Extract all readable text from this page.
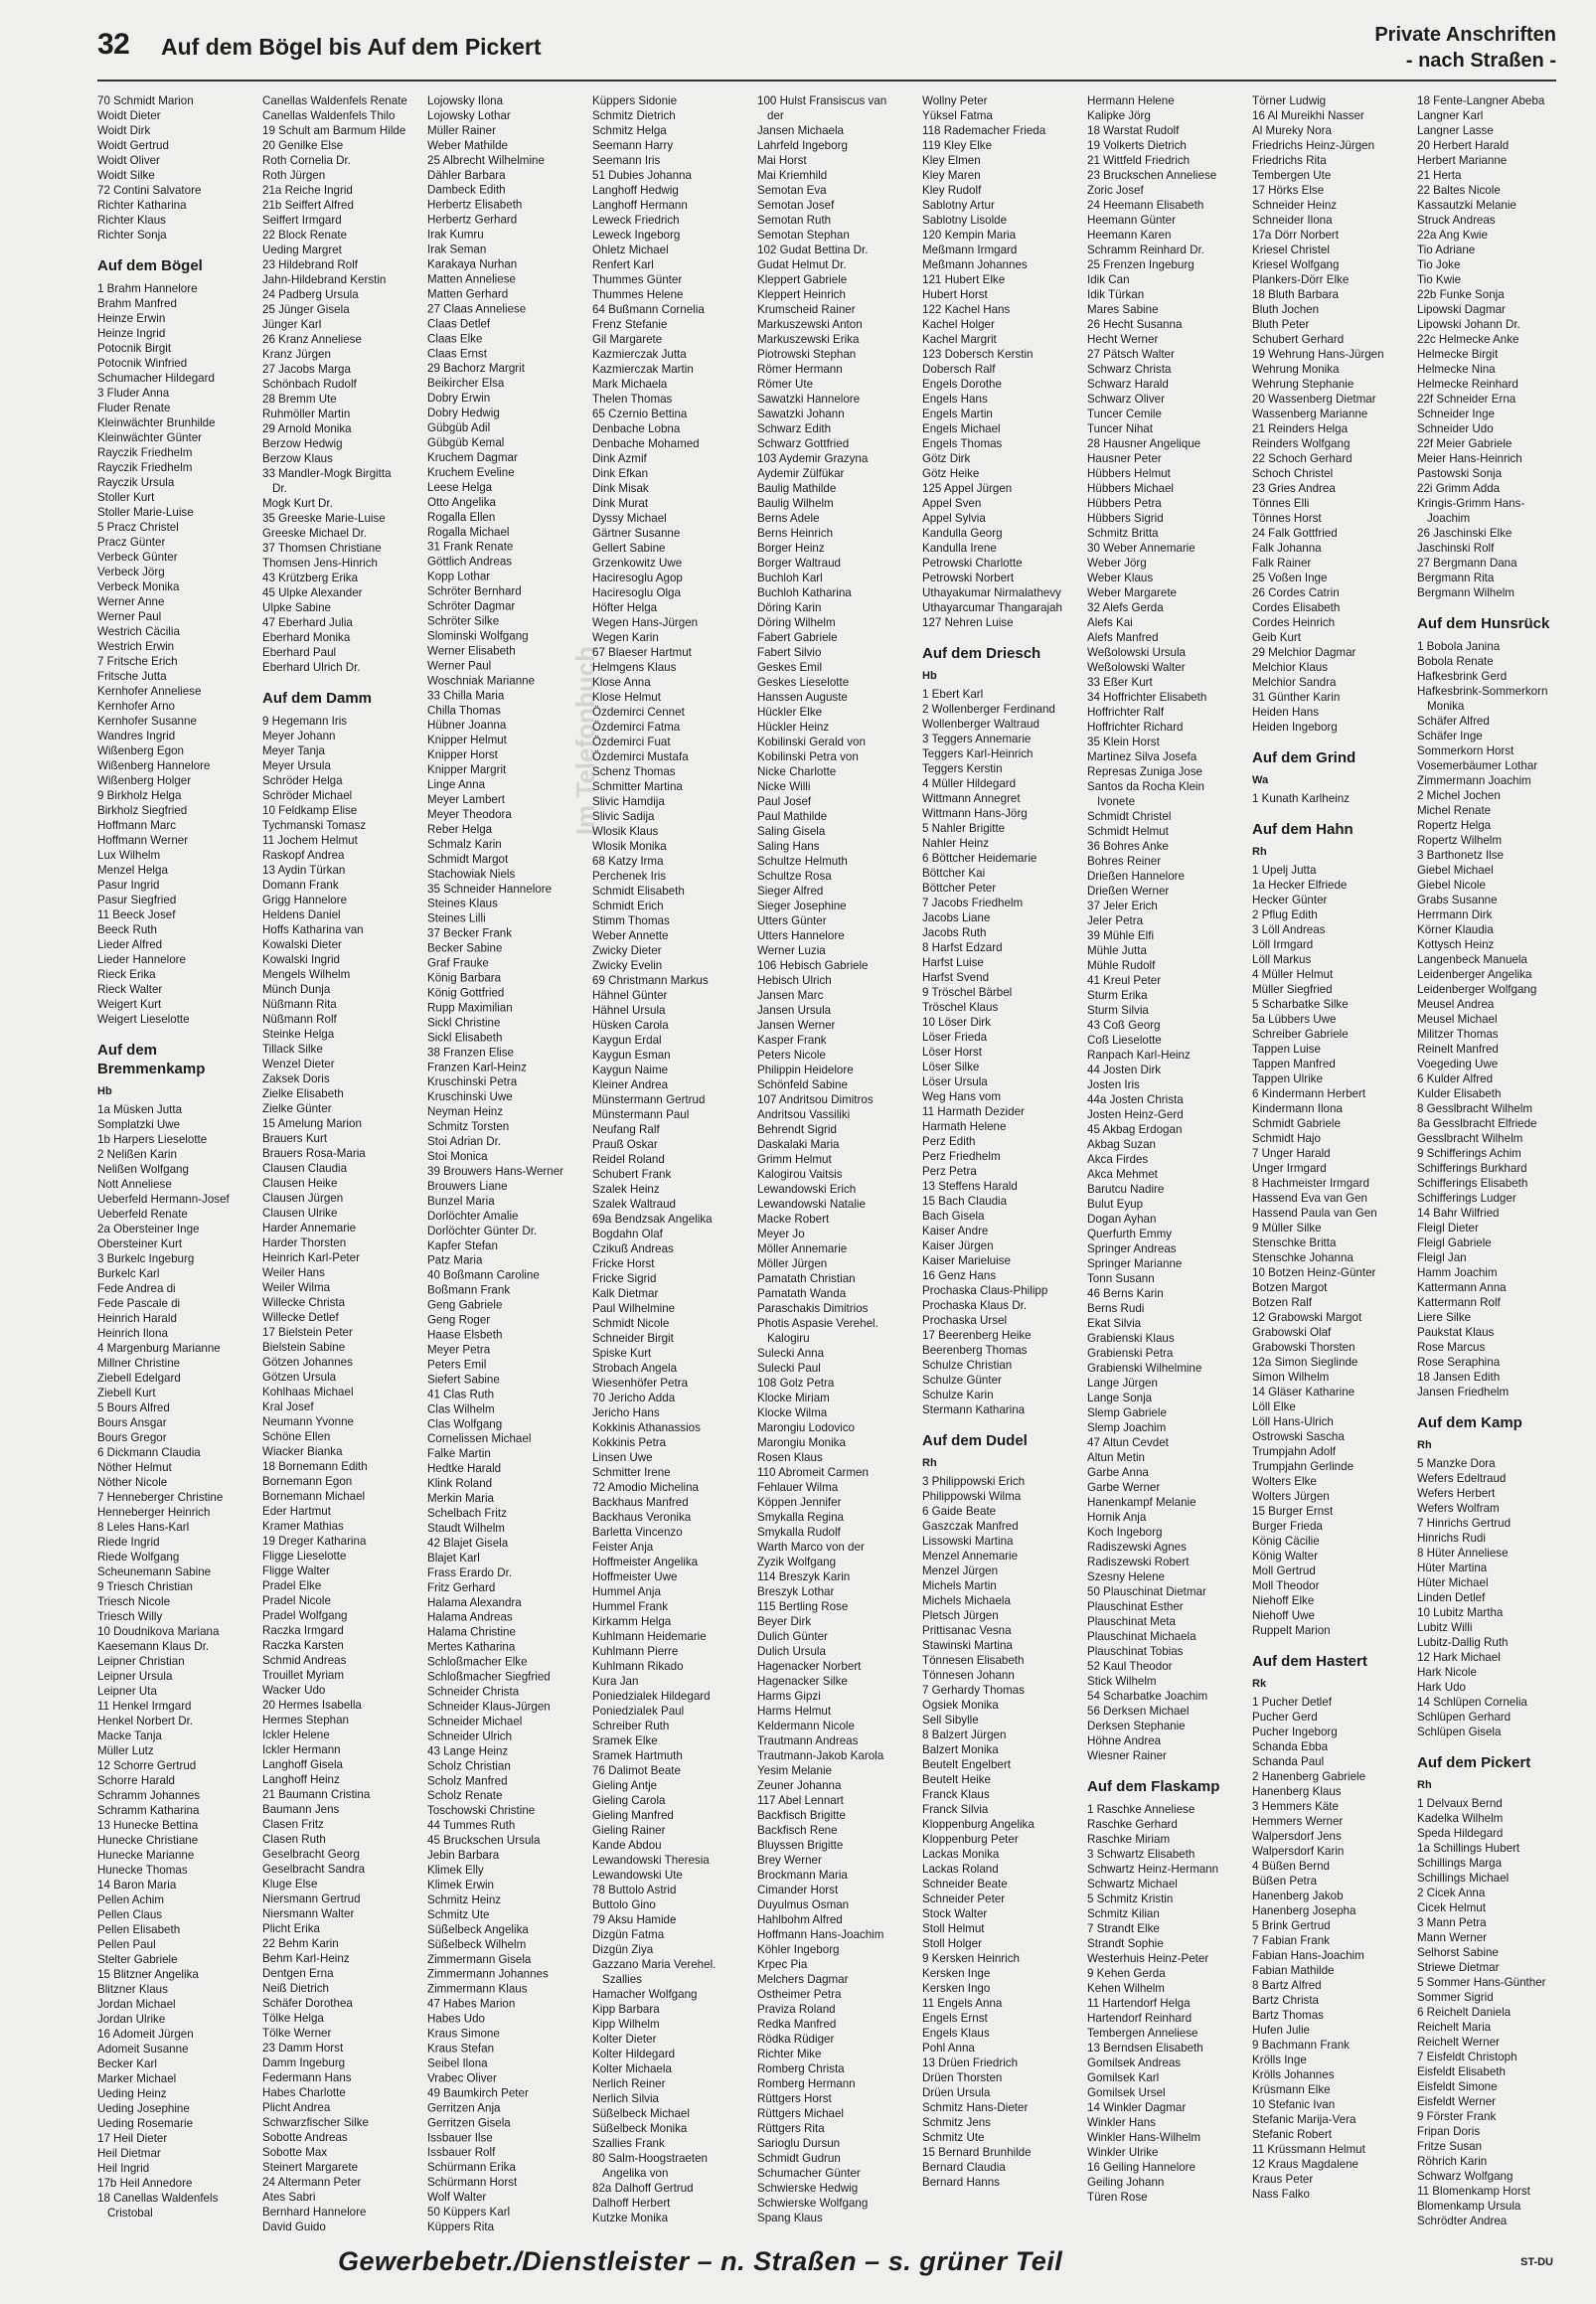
32 Auf dem Bögel bis Auf dem Pickert	Private Anschriften
- nach Straßen -
Im Telefonbuch
70 Schmidt Marion
Woidt Dieter
Woidt Dirk
Woidt Gertrud
Woidt Oliver
Woidt Silke
72 Contini Salvatore
Richter Katharina
Richter Klaus
Richter Sonja
Auf dem Bögel
1 Brahm Hannelore
Brahm Manfred
Heinze Erwin
Heinze Ingrid
Potocnik Birgit
Potocnik Winfried
Schumacher Hildegard
3 Fluder Anna
Fluder Renate
Kleinwächter Brunhilde
Kleinwächter Günter
Rayczik Friedhelm
Rayczik Friedhelm
Rayczik Ursula
Stoller Kurt
Stoller Marie-Luise
5 Pracz Christel
Pracz Günter
Verbeck Günter
Verbeck Jörg
Verbeck Monika
Werner Anne
Werner Paul
Westrich Cäcilia
Westrich Erwin
7 Fritsche Erich
Fritsche Jutta
Kernhofer Anneliese
Kernhofer Arno
Kernhofer Susanne
Wandres Ingrid
Wißenberg Egon
Wißenberg Hannelore
Wißenberg Holger
9 Birkholz Helga
Birkholz Siegfried
Hoffmann Marc
Hoffmann Werner
Lux Wilhelm
Menzel Helga
Pasur Ingrid
Pasur Siegfried
11 Beeck Josef
Beeck Ruth
Lieder Alfred
Lieder Hannelore
Rieck Erika
Rieck Walter
Weigert Kurt
Weigert Lieselotte
Auf dem Bremmenkamp
Hb
1a Müsken Jutta
Somplatzki Uwe
1b Harpers Lieselotte
2 Nelißen Karin
Nelißen Wolfgang
Nott Anneliese
Ueberfeld Hermann-Josef
Ueberfeld Renate
2a Obersteiner Inge
Obersteiner Kurt
3 Burkelc Ingeburg
Burkelc Karl
Fede Andrea di
Fede Pascale di
Heinrich Harald
Heinrich Ilona
4 Margenburg Marianne
Millner Christine
Ziebell Edelgard
Ziebell Kurt
5 Bours Alfred
Bours Ansgar
Bours Gregor
6 Dickmann Claudia
Nöther Helmut
Nöther Nicole
7 Henneberger Christine
Henneberger Heinrich
8 Leles Hans-Karl
Riede Ingrid
Riede Wolfgang
Scheunemann Sabine
9 Triesch Christian
Triesch Nicole
Triesch Willy
10 Doudnikova Mariana
Kaesemann Klaus Dr.
Leipner Christian
Leipner Ursula
Leipner Uta
11 Henkel Irmgard
Henkel Norbert Dr.
Macke Tanja
Müller Lutz
12 Schorre Gertrud
Schorre Harald
Schramm Johannes
Schramm Katharina
13 Hunecke Bettina
Hunecke Christiane
Hunecke Marianne
Hunecke Thomas
14 Baron Maria
Pellen Achim
Pellen Claus
Pellen Elisabeth
Pellen Paul
Stelter Gabriele
15 Blitzner Angelika
Blitzner Klaus
Jordan Michael
Jordan Ulrike
16 Adomeit Jürgen
Adomeit Susanne
Becker Karl
Marker Michael
Ueding Heinz
Ueding Josephine
Ueding Rosemarie
17 Heil Dieter
Heil Dietmar
Heil Ingrid
17b Heil Annedore
18 Canellas Waldenfels
Cristobal
Canellas Waldenfels Renate
Canellas Waldenfels Thilo
19 Schult am Barmum Hilde
20 Genilke Else
Roth Cornelia Dr.
Roth Jürgen
21a Reiche Ingrid
21b Seiffert Alfred
Seiffert Irmgard
22 Block Renate
Ueding Margret
23 Hildebrand Rolf
Jahn-Hildebrand Kerstin
24 Padberg Ursula
25 Jünger Gisela
Jünger Karl
26 Kranz Anneliese
Kranz Jürgen
27 Jacobs Marga
Schönbach Rudolf
28 Bremm Ute
Ruhmöller Martin
29 Arnold Monika
Berzow Hedwig
Berzow Klaus
33 Mandler-Mogk Birgitta
Dr.
Mogk Kurt Dr.
35 Greeske Marie-Luise
Greeske Michael Dr.
37 Thomsen Christiane
Thomsen Jens-Hinrich
43 Krützberg Erika
45 Ulpke Alexander
Ulpke Sabine
47 Eberhard Julia
Eberhard Monika
Eberhard Paul
Eberhard Ulrich Dr.
Auf dem Damm
9 Hegemann Iris
Meyer Johann
Meyer Tanja
Meyer Ursula
Schröder Helga
Schröder Michael
10 Feldkamp Elise
Tychmanski Tomasz
11 Jochem Helmut
Raskopf Andrea
13 Aydin Türkan
Domann Frank
Grigg Hannelore
Heldens Daniel
Hoffs Katharina van
Kowalski Dieter
Kowalski Ingrid
Mengels Wilhelm
Münch Dunja
Nüßmann Rita
Nüßmann Rolf
Steinke Helga
Tillack Silke
Wenzel Dieter
Zaksek Doris
Zielke Elisabeth
Zielke Günter
15 Amelung Marion
Brauers Kurt
Brauers Rosa-Maria
Clausen Claudia
Clausen Heike
Clausen Jürgen
Clausen Ulrike
Harder Annemarie
Harder Thorsten
Heinrich Karl-Peter
Weiler Hans
Weiler Wilma
Willecke Christa
Willecke Detlef
17 Bielstein Peter
Bielstein Sabine
Götzen Johannes
Götzen Ursula
Kohlhaas Michael
Kral Josef
Neumann Yvonne
Schöne Ellen
Wiacker Bianka
18 Bornemann Edith
Bornemann Egon
Bornemann Michael
Eder Hartmut
Kramer Mathias
19 Dreger Katharina
Fligge Lieselotte
Fligge Walter
Pradel Elke
Pradel Nicole
Pradel Wolfgang
Raczka Irmgard
Raczka Karsten
Schmid Andreas
Trouillet Myriam
Wacker Udo
20 Hermes Isabella
Hermes Stephan
Ickler Helene
Ickler Hermann
Langhoff Gisela
Langhoff Heinz
21 Baumann Cristina
Baumann Jens
Clasen Fritz
Clasen Ruth
Geselbracht Georg
Geselbracht Sandra
Kluge Else
Niersmann Gertrud
Niersmann Walter
Plicht Erika
22 Behm Karin
Behm Karl-Heinz
Dentgen Erna
Neiß Dietrich
Schäfer Dorothea
Tölke Helga
Tölke Werner
23 Damm Horst
Damm Ingeburg
Federmann Hans
Habes Charlotte
Plicht Andrea
Schwarzfischer Silke
Sobotte Andreas
Sobotte Max
Steinert Margarete
24 Altermann Peter
Ates Sabri
Bernhard Hannelore
David Guido
Lojowsky Ilona
Lojowsky Lothar
Müller Rainer
Weber Mathilde
25 Albrecht Wilhelmine
Dähler Barbara
Dambeck Edith
Herbertz Elisabeth
Herbertz Gerhard
Irak Kumru
Irak Seman
Karakaya Nurhan
Matten Anneliese
Matten Gerhard
27 Claas Anneliese
Claas Detlef
Claas Elke
Claas Ernst
29 Bachorz Margrit
Beikircher Elsa
Dobry Erwin
Dobry Hedwig
Gübgüb Adil
Gübgüb Kemal
Kruchem Dagmar
Kruchem Eveline
Leese Helga
Otto Angelika
Rogalla Ellen
Rogalla Michael
31 Frank Renate
Göttlich Andreas
Kopp Lothar
Schröter Bernhard
Schröter Dagmar
Schröter Silke
Slominski Wolfgang
Werner Elisabeth
Werner Paul
Woschniak Marianne
33 Chilla Maria
Chilla Thomas
Hübner Joanna
Knipper Helmut
Knipper Horst
Knipper Margrit
Linge Anna
Meyer Lambert
Meyer Theodora
Reber Helga
Schmalz Karin
Schmidt Margot
Stachowiak Niels
35 Schneider Hannelore
Steines Klaus
Steines Lilli
37 Becker Frank
Becker Sabine
Graf Frauke
König Barbara
König Gottfried
Rupp Maximilian
Sickl Christine
Sickl Elisabeth
38 Franzen Elise
Franzen Karl-Heinz
Kruschinski Petra
Kruschinski Uwe
Neyman Heinz
Schmitz Torsten
Stoi Adrian Dr.
Stoi Monica
39 Brouwers Hans-Werner
Brouwers Liane
Bunzel Maria
Dorlöchter Amalie
Dorlöchter Günter Dr.
Kapfer Stefan
Patz Maria
40 Boßmann Caroline
Boßmann Frank
Geng Gabriele
Geng Roger
Haase Elsbeth
Meyer Petra
Peters Emil
Siefert Sabine
41 Clas Ruth
Clas Wilhelm
Clas Wolfgang
Cornelissen Michael
Falke Martin
Hedtke Harald
Klink Roland
Merkin Maria
Schelbach Fritz
Staudt Wilhelm
42 Blajet Gisela
Blajet Karl
Frass Erardo Dr.
Fritz Gerhard
Halama Alexandra
Halama Andreas
Halama Christine
Mertes Katharina
Schloßmacher Elke
Schloßmacher Siegfried
Schneider Christa
Schneider Klaus-Jürgen
Schneider Michael
Schneider Ulrich
43 Lange Heinz
Scholz Christian
Scholz Manfred
Scholz Renate
Toschowski Christine
44 Tummes Ruth
45 Bruckschen Ursula
Jebin Barbara
Klimek Elly
Klimek Erwin
Schmitz Heinz
Schmitz Ute
Süßelbeck Angelika
Süßelbeck Wilhelm
Zimmermann Gisela
Zimmermann Johannes
Zimmermann Klaus
47 Habes Marion
Habes Udo
Kraus Simone
Kraus Stefan
Seibel Ilona
Vrabec Oliver
49 Baumkirch Peter
Gerritzen Anja
Gerritzen Gisela
Issbauer Ilse
Issbauer Rolf
Schürmann Erika
Schürmann Horst
Wolf Walter
50 Küppers Karl
Küppers Rita
Küppers Sidonie
Schmitz Dietrich
Schmitz Helga
Seemann Harry
Seemann Iris
51 Dubies Johanna
Langhoff Hedwig
Langhoff Hermann
Leweck Friedrich
Leweck Ingeborg
Ohletz Michael
Renfert Karl
Thummes Günter
Thummes Helene
64 Bußmann Cornelia
Frenz Stefanie
Gil Margarete
Kazmierczak Jutta
Kazmierczak Martin
Mark Michaela
Thelen Thomas
65 Czernio Bettina
Denbache Lobna
Denbache Mohamed
Dink Azmif
Dink Efkan
Dink Misak
Dink Murat
Dyssy Michael
Gärtner Susanne
Gellert Sabine
Grzenkowitz Uwe
Haciresoglu Agop
Haciresoglu Olga
Höfter Helga
Wegen Hans-Jürgen
Wegen Karin
67 Blaeser Hartmut
Helmgens Klaus
Klose Anna
Klose Helmut
Özdemirci Cennet
Özdemirci Fatma
Özdemirci Fuat
Özdemirci Mustafa
Schenz Thomas
Schmitter Martina
Slivic Hamdija
Slivic Sadija
Wlosik Klaus
Wlosik Monika
68 Katzy Irma
Perchenek Iris
Schmidt Elisabeth
Schmidt Erich
Stimm Thomas
Weber Annette
Zwicky Dieter
Zwicky Evelin
69 Christmann Markus
Hähnel Günter
Hähnel Ursula
Hüsken Carola
Kaygun Erdal
Kaygun Esman
Kaygun Naime
Kleiner Andrea
Münstermann Gertrud
Münstermann Paul
Neufang Ralf
Prauß Oskar
Reidel Roland
Schubert Frank
Szalek Heinz
Szalek Waltraud
69a Bendzsak Angelika
Bogdahn Olaf
Czikuß Andreas
Fricke Horst
Fricke Sigrid
Kalk Dietmar
Paul Wilhelmine
Schmidt Nicole
Schneider Birgit
Spiske Kurt
Strobach Angela
Wiesenhöfer Petra
70 Jericho Adda
Jericho Hans
Kokkinis Athanassios
Kokkinis Petra
Linsen Uwe
Schmitter Irene
72 Amodio Michelina
Backhaus Manfred
Backhaus Veronika
Barletta Vincenzo
Feister Anja
Hoffmeister Angelika
Hoffmeister Uwe
Hummel Anja
Hummel Frank
Kirkamm Helga
Kuhlmann Heidemarie
Kuhlmann Pierre
Kuhlmann Rikado
Kura Jan
Poniedzialek Hildegard
Poniedzialek Paul
Schreiber Ruth
Sramek Elke
Sramek Hartmuth
76 Dalimot Beate
Gieling Antje
Gieling Carola
Gieling Manfred
Gieling Rainer
Kande Abdou
Lewandowski Theresia
Lewandowski Ute
78 Buttolo Astrid
Buttolo Gino
79 Aksu Hamide
Dizgün Fatma
Dizgün Ziya
Gazzano Maria Verehel.
Szallies
Hamacher Wolfgang
Kipp Barbara
Kipp Wilhelm
Kolter Dieter
Kolter Hildegard
Kolter Michaela
Nerlich Reiner
Nerlich Silvia
Süßelbeck Michael
Süßelbeck Monika
Szallies Frank
80 Salm-Hoogstraeten
Angelika von
82a Dalhoff Gertrud
Dalhoff Herbert
Kutzke Monika
100 Hulst Fransiscus van
der
Jansen Michaela
Lahrfeld Ingeborg
Mai Horst
Mai Kriemhild
Semotan Eva
Semotan Josef
Semotan Ruth
Semotan Stephan
102 Gudat Bettina Dr.
Gudat Helmut Dr.
Kleppert Gabriele
Kleppert Heinrich
Krumscheid Rainer
Markuszewski Anton
Markuszewski Erika
Piotrowski Stephan
Römer Hermann
Römer Ute
Sawatzki Hannelore
Sawatzki Johann
Schwarz Edith
Schwarz Gottfried
103 Aydemir Grazyna
Aydemir Zülfükar
Baulig Mathilde
Baulig Wilhelm
Berns Adele
Berns Heinrich
Borger Heinz
Borger Waltraud
Buchloh Karl
Buchloh Katharina
Döring Karin
Döring Wilhelm
Fabert Gabriele
Fabert Silvio
Geskes Emil
Geskes Lieselotte
Hanssen Auguste
Hückler Elke
Hückler Heinz
Kobilinski Gerald von
Kobilinski Petra von
Nicke Charlotte
Nicke Willi
Paul Josef
Paul Mathilde
Saling Gisela
Saling Hans
Schultze Helmuth
Schultze Rosa
Sieger Alfred
Sieger Josephine
Utters Günter
Utters Hannelore
Werner Luzia
106 Hebisch Gabriele
Hebisch Ulrich
Jansen Marc
Jansen Ursula
Jansen Werner
Kasper Frank
Peters Nicole
Philippin Heidelore
Schönfeld Sabine
107 Andritsou Dimitros
Andritsou Vassiliki
Behrendt Sigrid
Daskalaki Maria
Grimm Helmut
Kalogirou Vaitsis
Lewandowski Erich
Lewandowski Natalie
Macke Robert
Meyer Jo
Möller Annemarie
Möller Jürgen
Pamatath Christian
Pamatath Wanda
Paraschakis Dimitrios
Photis Aspasie Verehel.
Kalogiru
Sulecki Anna
Sulecki Paul
108 Golz Petra
Klocke Miriam
Klocke Wilma
Marongiu Lodovico
Marongiu Monika
Rosen Klaus
110 Abromeit Carmen
Fehlauer Wilma
Köppen Jennifer
Smykalla Regina
Smykalla Rudolf
Warth Marco von der
Zyzik Wolfgang
114 Breszyk Karin
Breszyk Lothar
115 Bertling Rose
Beyer Dirk
Dulich Günter
Dulich Ursula
Hagenacker Norbert
Hagenacker Silke
Harms Gipzi
Harms Helmut
Keldermann Nicole
Trautmann Andreas
Trautmann-Jakob Karola
Yesim Melanie
Zeuner Johanna
117 Abel Lennart
Backfisch Brigitte
Backfisch Rene
Bluyssen Brigitte
Brey Werner
Brockmann Maria
Cimander Horst
Duyulmus Osman
Hahlbohm Alfred
Hoffmann Hans-Joachim
Köhler Ingeborg
Krpec Pia
Melchers Dagmar
Ostheimer Petra
Praviza Roland
Redka Manfred
Rödka Rüdiger
Richter Mike
Romberg Christa
Romberg Hermann
Rüttgers Horst
Rüttgers Michael
Rüttgers Rita
Sarioglu Dursun
Schmidt Gudrun
Schumacher Günter
Schwierske Hedwig
Schwierske Wolfgang
Spang Klaus
Wollny Peter
Yüksel Fatma
118 Rademacher Frieda
119 Kley Elke
Kley Elmen
Kley Maren
Kley Rudolf
Sablotny Artur
Sablotny Lisolde
120 Kempin Maria
Meßmann Irmgard
Meßmann Johannes
121 Hubert Elke
Hubert Horst
122 Kachel Hans
Kachel Holger
Kachel Margrit
123 Dobersch Kerstin
Dobersch Ralf
Engels Dorothe
Engels Hans
Engels Martin
Engels Michael
Engels Thomas
Götz Dirk
Götz Heike
125 Appel Jürgen
Appel Sven
Appel Sylvia
Kandulla Georg
Kandulla Irene
Petrowski Charlotte
Petrowski Norbert
Uthayakumar Nirmalathevy
Uthayarcumar Thangarajah
127 Nehren Luise
Auf dem Driesch
Hb
1 Ebert Karl
2 Wollenberger Ferdinand
Wollenberger Waltraud
3 Teggers Annemarie
Teggers Karl-Heinrich
Teggers Kerstin
4 Müller Hildegard
Wittmann Annegret
Wittmann Hans-Jörg
5 Nahler Brigitte
Nahler Heinz
6 Böttcher Heidemarie
Böttcher Kai
Böttcher Peter
7 Jacobs Friedhelm
Jacobs Liane
Jacobs Ruth
8 Harfst Edzard
Harfst Luise
Harfst Svend
9 Tröschel Bärbel
Tröschel Klaus
10 Löser Dirk
Löser Frieda
Löser Horst
Löser Silke
Löser Ursula
Weg Hans vom
11 Harmath Dezider
Harmath Helene
Perz Edith
Perz Friedhelm
Perz Petra
13 Steffens Harald
15 Bach Claudia
Bach Gisela
Kaiser Andre
Kaiser Jürgen
Kaiser Marieluise
16 Genz Hans
Prochaska Claus-Philipp
Prochaska Klaus Dr.
Prochaska Ursel
17 Beerenberg Heike
Beerenberg Thomas
Schulze Christian
Schulze Günter
Schulze Karin
Stermann Katharina
Auf dem Dudel
Rh
3 Philippowski Erich
Philippowski Wilma
6 Gaide Beate
Gaszczak Manfred
Lissowski Martina
Menzel Annemarie
Menzel Jürgen
Michels Martin
Michels Michaela
Pletsch Jürgen
Prittisanac Vesna
Stawinski Martina
Tönnesen Elisabeth
Tönnesen Johann
7 Gerhardy Thomas
Ogsiek Monika
Sell Sibylle
8 Balzert Jürgen
Balzert Monika
Beutelt Engelbert
Beutelt Heike
Franck Klaus
Franck Silvia
Kloppenburg Angelika
Kloppenburg Peter
Lackas Monika
Lackas Roland
Schneider Beate
Schneider Peter
Stock Walter
Stoll Helmut
Stoll Holger
9 Kersken Heinrich
Kersken Inge
Kersken Ingo
11 Engels Anna
Engels Ernst
Engels Klaus
Pohl Anna
13 Drüen Friedrich
Drüen Thorsten
Drüen Ursula
Schmitz Hans-Dieter
Schmitz Jens
Schmitz Ute
15 Bernard Brunhilde
Bernard Claudia
Bernard Hanns
Hermann Helene
Kalipke Jörg
18 Warstat Rudolf
19 Volkerts Dietrich
21 Wittfeld Friedrich
23 Bruckschen Anneliese
Zoric Josef
24 Heemann Elisabeth
Heemann Günter
Heemann Karen
Schramm Reinhard Dr.
25 Frenzen Ingeburg
Idik Can
Idik Türkan
Mares Sabine
26 Hecht Susanna
Hecht Werner
27 Pätsch Walter
Schwarz Christa
Schwarz Harald
Schwarz Oliver
Tuncer Cemile
Tuncer Nihat
28 Hausner Angelique
Hausner Peter
Hübbers Helmut
Hübbers Michael
Hübbers Petra
Hübbers Sigrid
Schmitz Britta
30 Weber Annemarie
Weber Jörg
Weber Klaus
Weber Margarete
32 Alefs Gerda
Alefs Kai
Alefs Manfred
Weßolowski Ursula
Weßolowski Walter
33 Eßer Kurt
34 Hoffrichter Elisabeth
Hoffrichter Ralf
Hoffrichter Richard
35 Klein Horst
Martinez Silva Josefa
Represas Zuniga Jose
Santos da Rocha Klein
Ivonete
Schmidt Christel
Schmidt Helmut
36 Bohres Anke
Bohres Reiner
Drießen Hannelore
Drießen Werner
37 Jeler Erich
Jeler Petra
39 Mühle Elfi
Mühle Jutta
Mühle Rudolf
41 Kreul Peter
Sturm Erika
Sturm Silvia
43 Coß Georg
Coß Lieselotte
Ranpach Karl-Heinz
44 Josten Dirk
Josten Iris
44a Josten Christa
Josten Heinz-Gerd
45 Akbag Erdogan
Akbag Suzan
Akca Firdes
Akca Mehmet
Barutcu Nadire
Bulut Eyup
Dogan Ayhan
Querfurth Emmy
Springer Andreas
Springer Marianne
Tonn Susann
46 Berns Karin
Berns Rudi
Ekat Silvia
Grabienski Klaus
Grabienski Petra
Grabienski Wilhelmine
Lange Jürgen
Lange Sonja
Slemp Gabriele
Slemp Joachim
47 Altun Cevdet
Altun Metin
Garbe Anna
Garbe Werner
Hanenkampf Melanie
Hornik Anja
Koch Ingeborg
Radiszewski Agnes
Radiszewski Robert
Szesny Helene
50 Plauschinat Dietmar
Plauschinat Esther
Plauschinat Meta
Plauschinat Michaela
Plauschinat Tobias
52 Kaul Theodor
Stick Wilhelm
54 Scharbatke Joachim
56 Derksen Michael
Derksen Stephanie
Höhne Andrea
Wiesner Rainer
Auf dem Flaskamp
1 Raschke Anneliese
Raschke Gerhard
Raschke Miriam
3 Schwartz Elisabeth
Schwartz Heinz-Hermann
Schwartz Michael
5 Schmitz Kristin
Schmitz Kilian
7 Strandt Elke
Strandt Sophie
Westerhuis Heinz-Peter
9 Kehen Gerda
Kehen Wilhelm
11 Hartendorf Helga
Hartendorf Reinhard
Tembergen Anneliese
13 Berndsen Elisabeth
Gomilsek Andreas
Gomilsek Karl
Gomilsek Ursel
14 Winkler Dagmar
Winkler Hans
Winkler Hans-Wilhelm
Winkler Ulrike
16 Geiling Hannelore
Geiling Johann
Türen Rose
Törner Ludwig
16 Al Mureikhi Nasser
Al Mureky Nora
Friedrichs Heinz-Jürgen
Friedrichs Rita
Tembergen Ute
17 Hörks Else
Schneider Heinz
Schneider Ilona
17a Dörr Norbert
Kriesel Christel
Kriesel Wolfgang
Plankers-Dörr Elke
18 Bluth Barbara
Bluth Jochen
Bluth Peter
Schubert Gerhard
19 Wehrung Hans-Jürgen
Wehrung Monika
Wehrung Stephanie
20 Wassenberg Dietmar
Wassenberg Marianne
21 Reinders Helga
Reinders Wolfgang
22 Schoch Gerhard
Schoch Christel
23 Gries Andrea
Tönnes Elli
Tönnes Horst
24 Falk Gottfried
Falk Johanna
Falk Rainer
25 Voßen Inge
26 Cordes Catrin
Cordes Elisabeth
Cordes Heinrich
Geib Kurt
29 Melchior Dagmar
Melchior Klaus
Melchior Sandra
31 Günther Karin
Heiden Hans
Heiden Ingeborg
Auf dem Grind
Wa
1 Kunath Karlheinz
Auf dem Hahn
Rh
1 Upelj Jutta
1a Hecker Elfriede
Hecker Günter
2 Pflug Edith
3 Löll Andreas
Löll Irmgard
Löll Markus
4 Müller Helmut
Müller Siegfried
5 Scharbatke Silke
5a Lübbers Uwe
Schreiber Gabriele
Tappen Luise
Tappen Manfred
Tappen Ulrike
6 Kindermann Herbert
Kindermann Ilona
Schmidt Gabriele
Schmidt Hajo
7 Unger Harald
Unger Irmgard
8 Hachmeister Irmgard
Hassend Eva van Gen
Hassend Paula van Gen
9 Müller Silke
Stenschke Britta
Stenschke Johanna
10 Botzen Heinz-Günter
Botzen Margot
Botzen Ralf
12 Grabowski Margot
Grabowski Olaf
Grabowski Thorsten
12a Simon Sieglinde
Simon Wilhelm
14 Gläser Katharine
Löll Elke
Löll Hans-Ulrich
Ostrowski Sascha
Trumpjahn Adolf
Trumpjahn Gerlinde
Wolters Elke
Wolters Jürgen
15 Burger Ernst
Burger Frieda
König Cäcilie
König Walter
Moll Gertrud
Moll Theodor
Niehoff Elke
Niehoff Uwe
Ruppelt Marion
Auf dem Hastert
Rk
1 Pucher Detlef
Pucher Gerd
Pucher Ingeborg
Schanda Ebba
Schanda Paul
2 Hanenberg Gabriele
Hanenberg Klaus
3 Hemmers Käte
Hemmers Werner
Walpersdorf Jens
Walpersdorf Karin
4 Büßen Bernd
Büßen Petra
Hanenberg Jakob
Hanenberg Josepha
5 Brink Gertrud
7 Fabian Frank
Fabian Hans-Joachim
Fabian Mathilde
8 Bartz Alfred
Bartz Christa
Bartz Thomas
Hufen Julie
9 Bachmann Frank
Krölls Inge
Krölls Johannes
Krüsmann Elke
10 Stefanic Ivan
Stefanic Marija-Vera
Stefanic Robert
11 Krüssmann Helmut
12 Kraus Magdalene
Kraus Peter
Nass Falko
18 Fente-Langner Abeba
Langner Karl
Langner Lasse
20 Herbert Harald
Herbert Marianne
21 Herta
22 Baltes Nicole
Kassautzki Melanie
Struck Andreas
22a Ang Kwie
Tio Adriane
Tio Joke
Tio Kwie
22b Funke Sonja
Lipowski Dagmar
Lipowski Johann Dr.
22c Helmecke Anke
Helmecke Birgit
Helmecke Nina
Helmecke Reinhard
22f Schneider Erna
Schneider Inge
Schneider Udo
22f Meier Gabriele
Meier Hans-Heinrich
Pastowski Sonja
22i Grimm Adda
Kringis-Grimm Hans-
Joachim
26 Jaschinski Elke
Jaschinski Rolf
27 Bergmann Dana
Bergmann Rita
Bergmann Wilhelm
Auf dem Hunsrück
1 Bobola Janina
Bobola Renate
Hafkesbrink Gerd
Hafkesbrink-Sommerkorn
Monika
Schäfer Alfred
Schäfer Inge
Sommerkorn Horst
Vosemerbäumer Lothar
Zimmermann Joachim
2 Michel Jochen
Michel Renate
Ropertz Helga
Ropertz Wilhelm
3 Barthonetz Ilse
Giebel Michael
Giebel Nicole
Grabs Susanne
Herrmann Dirk
Körner Klaudia
Kottysch Heinz
Langenbeck Manuela
Leidenberger Angelika
Leidenberger Wolfgang
Meusel Andrea
Meusel Michael
Militzer Thomas
Reinelt Manfred
Voegeding Uwe
6 Kulder Alfred
Kulder Elisabeth
8 Gesslbracht Wilhelm
8a Gesslbracht Elfriede
Gesslbracht Wilhelm
9 Schifferings Achim
Schifferings Burkhard
Schifferings Elisabeth
Schifferings Ludger
14 Bahr Wilfried
Fleigl Dieter
Fleigl Gabriele
Fleigl Jan
Hamm Joachim
Kattermann Anna
Kattermann Rolf
Liere Silke
Paukstat Klaus
Rose Marcus
Rose Seraphina
18 Jansen Edith
Jansen Friedhelm
Auf dem Kamp
Rh
5 Manzke Dora
Wefers Edeltraud
Wefers Herbert
Wefers Wolfram
7 Hinrichs Gertrud
Hinrichs Rudi
8 Hüter Anneliese
Hüter Martina
Hüter Michael
Linden Detlef
10 Lubitz Martha
Lubitz Willi
Lubitz-Dallig Ruth
12 Hark Michael
Hark Nicole
Hark Udo
14 Schlüpen Cornelia
Schlüpen Gerhard
Schlüpen Gisela
Auf dem Pickert
Rh
1 Delvaux Bernd
Kadelka Wilhelm
Speda Hildegard
1a Schillings Hubert
Schillings Marga
Schillings Michael
2 Cicek Anna
Cicek Helmut
3 Mann Petra
Mann Werner
Selhorst Sabine
Striewe Dietmar
5 Sommer Hans-Günther
Sommer Sigrid
6 Reichelt Daniela
Reichelt Maria
Reichelt Werner
7 Eisfeldt Christoph
Eisfeldt Elisabeth
Eisfeldt Simone
Eisfeldt Werner
9 Förster Frank
Fripan Doris
Fritze Susan
Röhrich Karin
Schwarz Wolfgang
11 Blomenkamp Horst
Blomenkamp Ursula
Schrödter Andrea
Gewerbebetr./Dienstleister – n. Straßen – s. grüner Teil	ST-DU
